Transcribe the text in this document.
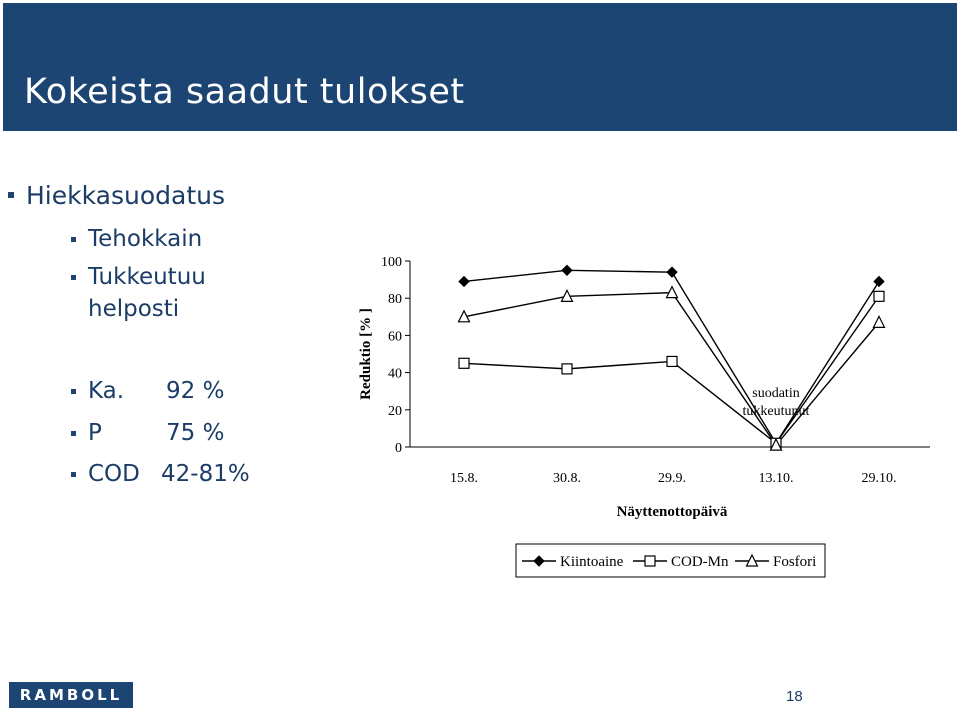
Kokeista saadut tulokset
Hiekkasuodatus
Tehokkain
Tukkeutuu
helposti
Ka. 92 %
P	75 %
COD 42-81%
0
20
40
60
80
100
15.8.	30.8.	29.9.	13.10.	29.10.
Näyttenottopäivä
Reduktio [% ]	suodatin
tukkeutunut
Kiintoaine	COD-Mn	Fosfori
RAMBOLL	18
